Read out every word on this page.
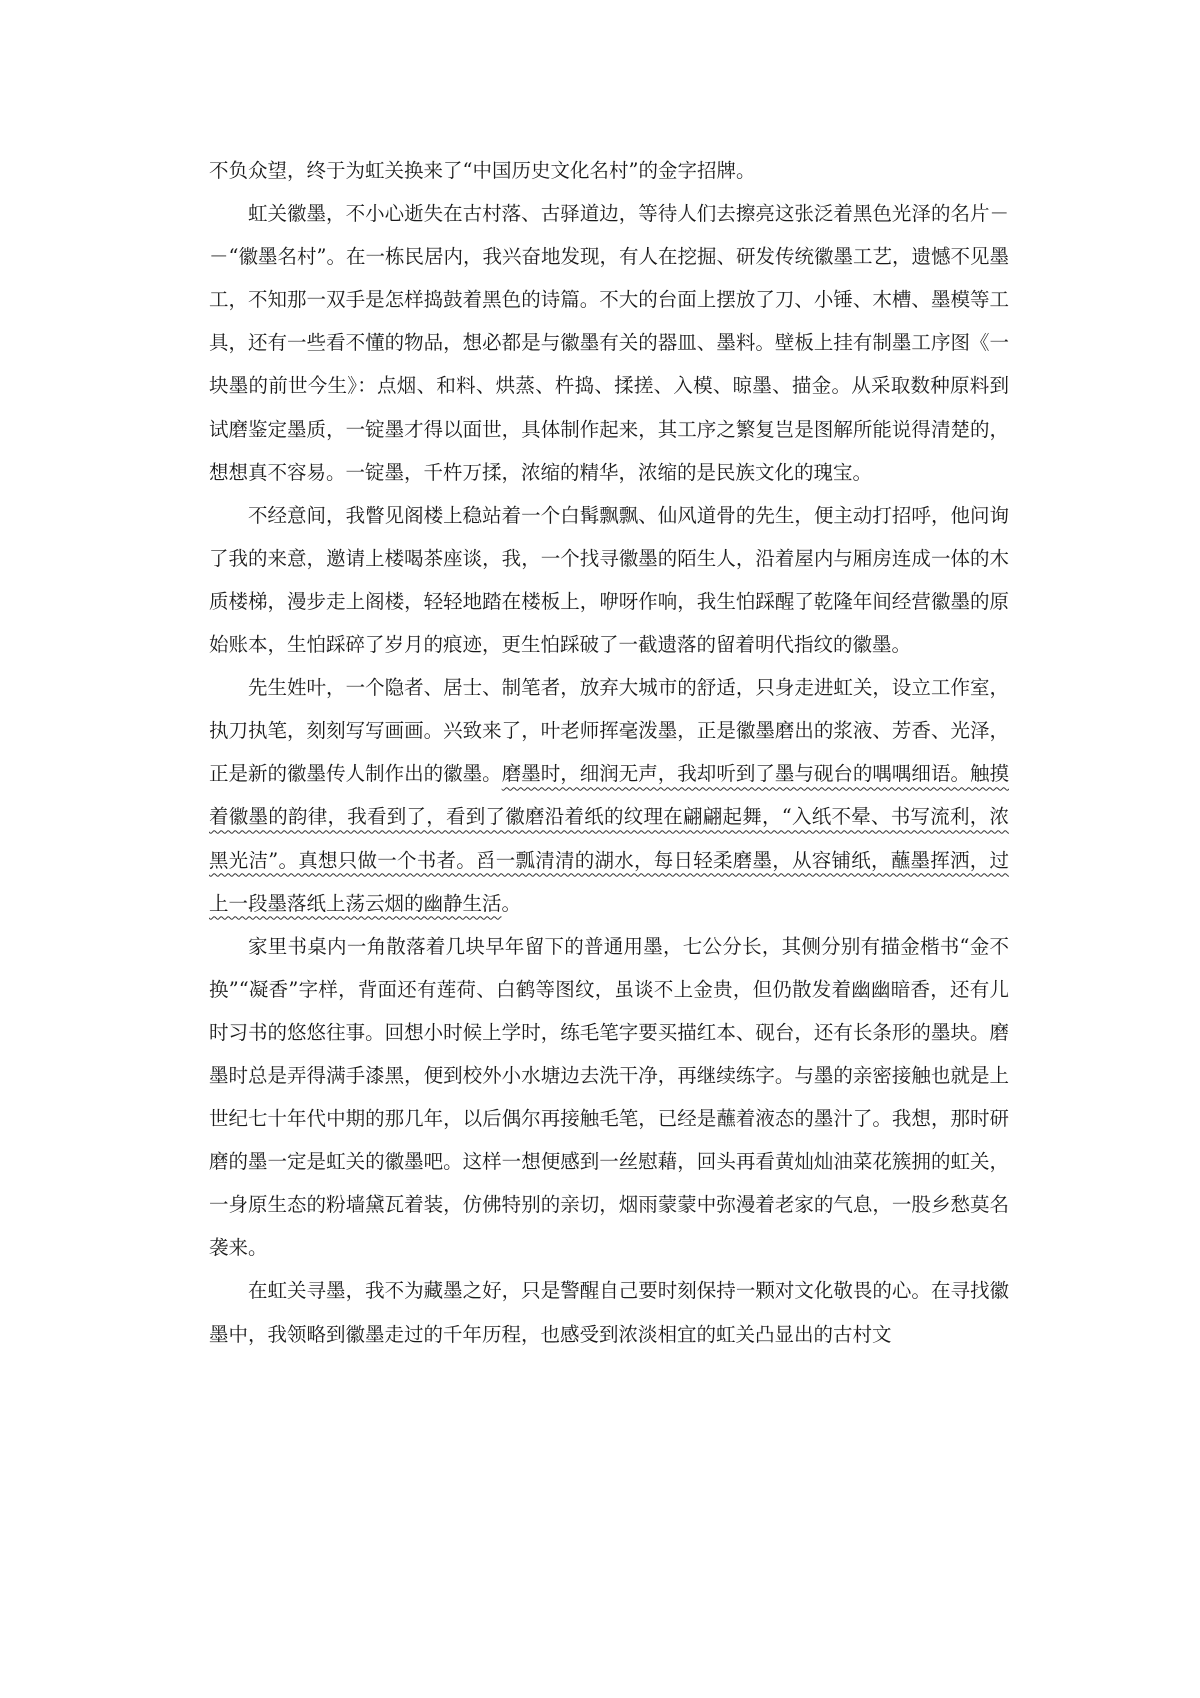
不负众望，终于为虹关换来了“中国历史文化名村”的金字招牌。

虹关徽墨，不小心逝失在古村落、古驿道边，等待人们去擦亮这张泛着黑色光泽的名片－－“徽墨名村”。在一栋民居内，我兴奋地发现，有人在挖掘、研发传统徽墨工艺，遗憾不见墨工，不知那一双手是怎样捣鼓着黑色的诗篇。不大的台面上摆放了刀、小锤、木槽、墨模等工具，还有一些看不懂的物品，想必都是与徽墨有关的器皿、墨料。壁板上挂有制墨工序图《一块墨的前世今生》：点烟、和料、烘蒸、杵捣、揉搓、入模、晾墨、描金。从采取数种原料到试磨鉴定墨质，一锭墨才得以面世，具体制作起来，其工序之繁复岂是图解所能说得清楚的，想想真不容易。一锭墨，千杵万揉，浓缩的精华，浓缩的是民族文化的瑰宝。

不经意间，我瞥见阁楼上稳站着一个白髯飘飘、仙风道骨的先生，便主动打招呼，他问询了我的来意，邀请上楼喝茶座谈，我，一个找寻徽墨的陌生人，沿着屋内与厢房连成一体的木质楼梯，漫步走上阁楼，轻轻地踏在楼板上，咿呀作响，我生怕踩醒了乾隆年间经营徽墨的原始账本，生怕踩碎了岁月的痕迹，更生怕踩破了一截遗落的留着明代指纹的徽墨。

先生姓叶，一个隐者、居士、制笔者，放弃大城市的舒适，只身走进虹关，设立工作室，执刀执笔，刻刻写写画画。兴致来了，叶老师挥毫泼墨，正是徽墨磨出的浆液、芳香、光泽，正是新的徽墨传人制作出的徽墨。磨墨时，细润无声，我却听到了墨与砚台的喁喁细语。触摸着徽墨的韵律，我看到了，看到了徽磨沿着纸的纹理在翩翩起舞，“入纸不晕、书写流利，浓黑光洁”。真想只做一个书者。舀一瓢清清的湖水，每日轻柔磨墨，从容铺纸，蘸墨挥洒，过上一段墨落纸上荡云烟的幽静生活。

家里书桌内一角散落着几块早年留下的普通用墨，七公分长，其侧分别有描金楷书“金不换”“凝香”字样，背面还有莲荷、白鹤等图纹，虽谈不上金贵，但仍散发着幽幽暗香，还有儿时习书的悠悠往事。回想小时候上学时，练毛笔字要买描红本、砚台，还有长条形的墨块。磨墨时总是弄得满手漆黑，便到校外小水塘边去洗干净，再继续练字。与墨的亲密接触也就是上世纪七十年代中期的那几年，以后偶尔再接触毛笔，已经是蘸着液态的墨汁了。我想，那时研磨的墨一定是虹关的徽墨吧。这样一想便感到一丝慰藉，回头再看黄灿灿油菜花簇拥的虹关，一身原生态的粉墙黛瓦着装，仿佛特别的亲切，烟雨蒙蒙中弥漫着老家的气息，一股乡愁莫名袭来。

在虹关寻墨，我不为藏墨之好，只是警醒自己要时刻保持一颗对文化敬畏的心。在寻找徽墨中，我领略到徽墨走过的千年历程，也感受到浓淡相宜的虹关凸显出的古村文
